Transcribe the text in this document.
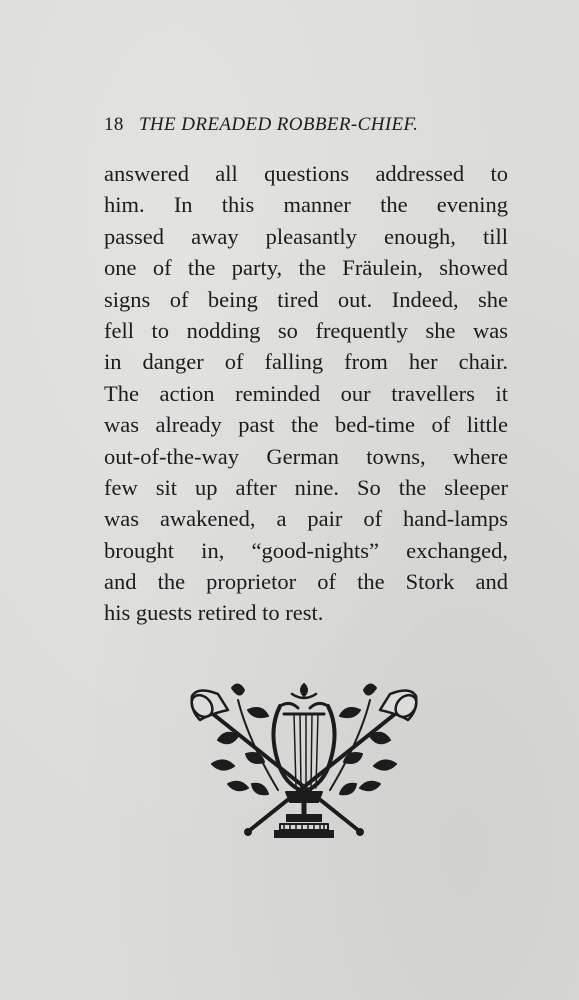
18 THE DREADED ROBBER-CHIEF.
answered all questions addressed to
him. In this manner the evening
passed away pleasantly enough, till
one of the party, the Fräulein, showed
signs of being tired out. Indeed, she
fell to nodding so frequently she was
in danger of falling from her chair.
The action reminded our travellers it
was already past the bed-time of little
out-of-the-way German towns, where
few sit up after nine. So the sleeper
was awakened, a pair of hand-lamps
brought in, “good-nights” exchanged,
and the proprietor of the Stork and
his guests retired to rest.
